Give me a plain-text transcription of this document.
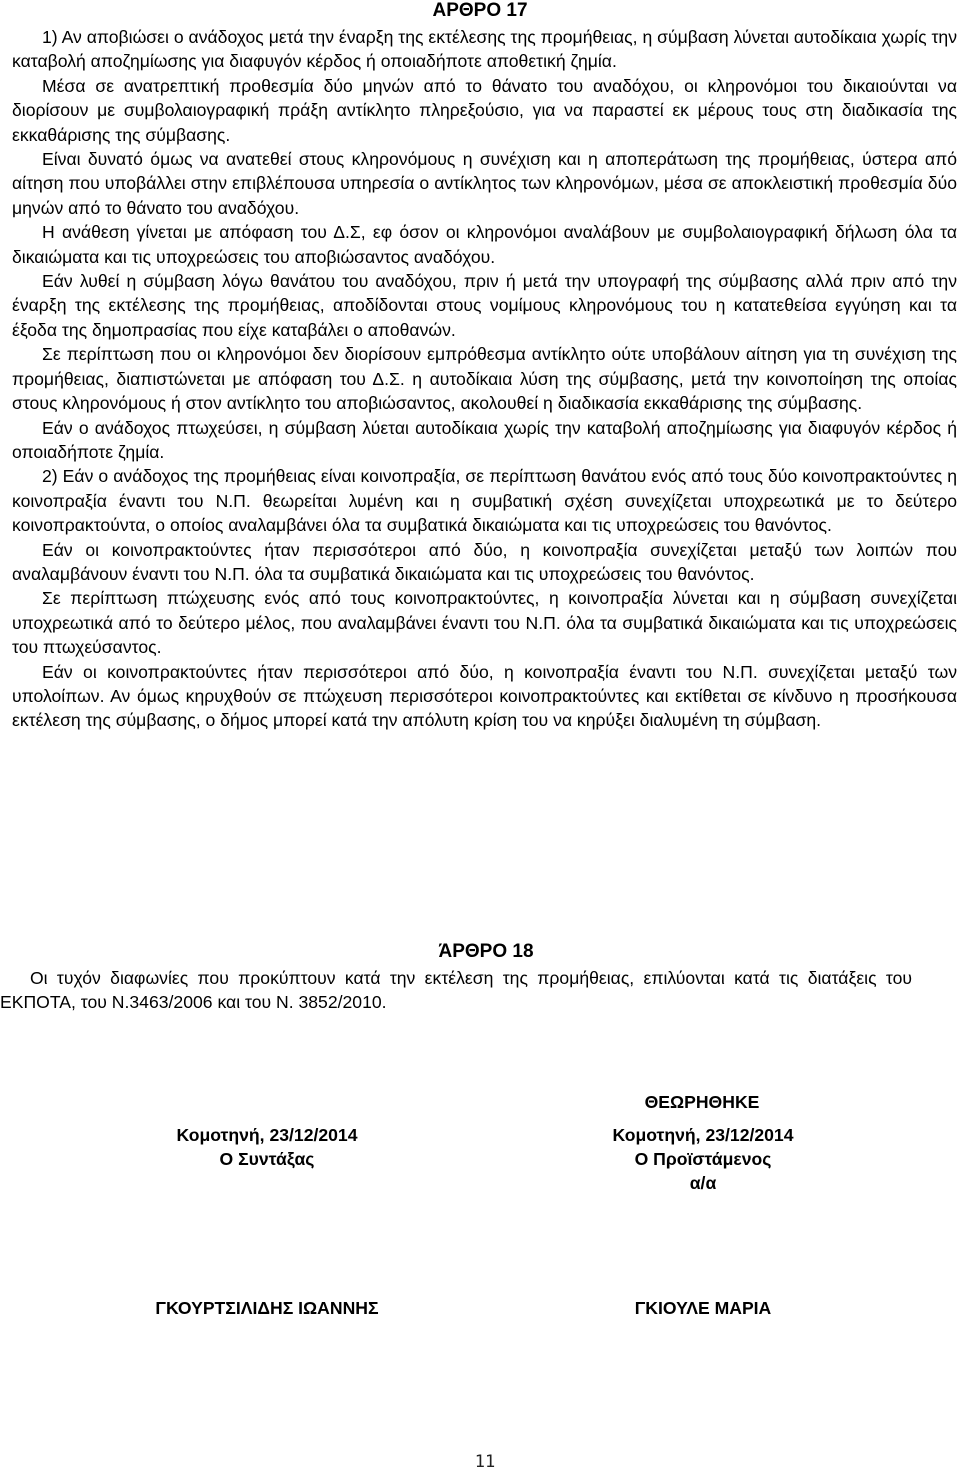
ΑΡΘΡΟ 17

1) Αν αποβιώσει ο ανάδοχος μετά την έναρξη της εκτέλεσης της προμήθειας, η σύμβαση λύνεται αυτοδίκαια χωρίς την καταβολή αποζημίωσης για διαφυγόν κέρδος ή οποιαδήποτε αποθετική ζημία.

Μέσα σε ανατρεπτική προθεσμία δύο μηνών από το θάνατο του αναδόχου, οι κληρονόμοι του δικαιούνται να διορίσουν με συμβολαιογραφική πράξη αντίκλητο πληρεξούσιο, για να παραστεί εκ μέρους τους στη διαδικασία της εκκαθάρισης της σύμβασης.

Είναι δυνατό όμως να ανατεθεί στους κληρονόμους η συνέχιση και η αποπεράτωση της προμήθειας, ύστερα από αίτηση που υποβάλλει στην επιβλέπουσα υπηρεσία ο αντίκλητος των κληρονόμων, μέσα σε αποκλειστική προθεσμία δύο μηνών από το θάνατο του αναδόχου.

Η ανάθεση γίνεται με απόφαση του Δ.Σ, εφ όσον οι κληρονόμοι αναλάβουν με συμβολαιογραφική δήλωση όλα τα δικαιώματα και τις υποχρεώσεις του αποβιώσαντος αναδόχου.

Εάν λυθεί η σύμβαση λόγω θανάτου του αναδόχου, πριν ή μετά την υπογραφή της σύμβασης αλλά πριν από την έναρξη της εκτέλεσης της προμήθειας, αποδίδονται στους νομίμους κληρονόμους του η κατατεθείσα εγγύηση και τα έξοδα της δημοπρασίας που είχε καταβάλει ο αποθανών.

Σε περίπτωση που οι κληρονόμοι δεν διορίσουν εμπρόθεσμα αντίκλητο ούτε υποβάλουν αίτηση για τη συνέχιση της προμήθειας, διαπιστώνεται με απόφαση του Δ.Σ. η αυτοδίκαια λύση της σύμβασης, μετά την κοινοποίηση της οποίας στους κληρονόμους ή στον αντίκλητο του αποβιώσαντος, ακολουθεί η διαδικασία εκκαθάρισης της σύμβασης.

Εάν ο ανάδοχος πτωχεύσει, η σύμβαση λύεται αυτοδίκαια χωρίς την καταβολή αποζημίωσης για διαφυγόν κέρδος ή οποιαδήποτε ζημία.

2) Εάν ο ανάδοχος της προμήθειας είναι κοινοπραξία, σε περίπτωση θανάτου ενός από τους δύο κοινοπρακτούντες η κοινοπραξία έναντι του Ν.Π. θεωρείται λυμένη και η συμβατική σχέση συνεχίζεται υποχρεωτικά με το δεύτερο κοινοπρακτούντα, ο οποίος αναλαμβάνει όλα τα συμβατικά δικαιώματα και τις υποχρεώσεις του θανόντος.

Εάν οι κοινοπρακτούντες ήταν περισσότεροι από δύο, η κοινοπραξία συνεχίζεται μεταξύ των λοιπών που αναλαμβάνουν έναντι του Ν.Π. όλα τα συμβατικά δικαιώματα και τις υποχρεώσεις του θανόντος.

Σε περίπτωση πτώχευσης ενός από τους κοινοπρακτούντες, η κοινοπραξία λύνεται και η σύμβαση συνεχίζεται υποχρεωτικά από το δεύτερο μέλος, που αναλαμβάνει έναντι του Ν.Π. όλα τα συμβατικά δικαιώματα και τις υποχρεώσεις του πτωχεύσαντος.

Εάν οι κοινοπρακτούντες ήταν περισσότεροι από δύο, η κοινοπραξία έναντι του Ν.Π. συνεχίζεται μεταξύ των υπολοίπων. Αν όμως κηρυχθούν σε πτώχευση περισσότεροι κοινοπρακτούντες και εκτίθεται σε κίνδυνο η προσήκουσα εκτέλεση της σύμβασης, ο δήμος μπορεί κατά την απόλυτη κρίση του να κηρύξει διαλυμένη τη σύμβαση.

ΆΡΘΡΟ 18

Οι τυχόν διαφωνίες που προκύπτουν κατά την εκτέλεση της προμήθειας, επιλύονται κατά τις διατάξεις του ΕΚΠΟΤΑ, του Ν.3463/2006 και του Ν. 3852/2010.

ΘΕΩΡΗΘΗΚΕ
Κομοτηνή, 23/12/2014
Ο Συντάξας
ΓΚΟΥΡΤΣΙΛΙΔΗΣ ΙΩΑΝΝΗΣ
Κομοτηνή, 23/12/2014
Ο Προϊστάμενος
α/α
ΓΚΙΟΥΛΕ ΜΑΡΙΑ
11
